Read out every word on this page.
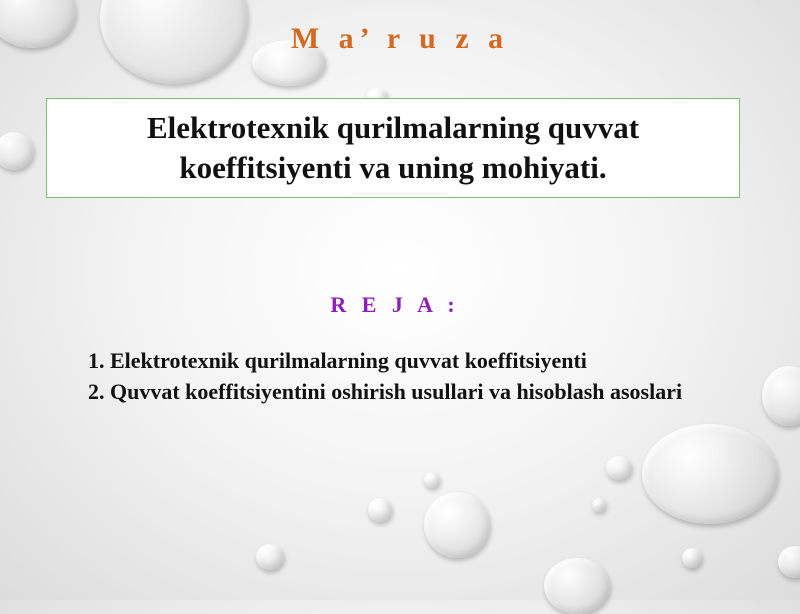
M a’ r u z a
Elektrotexnik qurilmalarning quvvat koeffitsiyenti va uning mohiyati.
R E J A :
1. Elektrotexnik qurilmalarning quvvat koeffitsiyenti
2. Quvvat koeffitsiyentini oshirish usullari va hisoblash asoslari
